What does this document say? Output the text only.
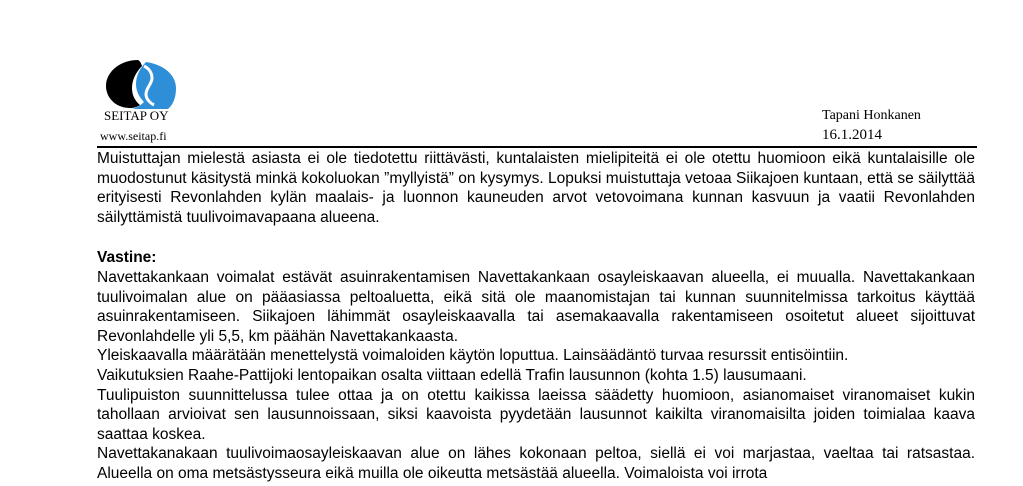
SEITAP OY
www.seitap.fi
Tapani Honkanen
16.1.2014

Muistuttajan mielestä asiasta ei ole tiedotettu riittävästi, kuntalaisten mielipiteitä ei ole otettu huomioon eikä kuntalaisille ole muodostunut käsitystä minkä kokoluokan ”myllyistä” on kysymys. Lopuksi muistuttaja vetoaa Siikajoen kuntaan, että se säilyttää erityisesti Revonlahden kylän maalais- ja luonnon kauneuden arvot vetovoimana kunnan kasvuun ja vaatii Revonlahden säilyttämistä tuulivoimavapaana alueena.

Vastine:

Navettakankaan voimalat estävät asuinrakentamisen Navettakankaan osayleiskaavan alueella, ei muualla. Navettakankaan tuulivoimalan alue on pääasiassa peltoaluetta, eikä sitä ole maanomistajan tai kunnan suunnitelmissa tarkoitus käyttää asuinrakentamiseen. Siikajoen lähimmät osayleiskaavalla tai asemakaavalla rakentamiseen osoitetut alueet sijoittuvat Revonlahdelle yli 5,5, km päähän Navettakankaasta.

Yleiskaavalla määrätään menettelystä voimaloiden käytön loputtua. Lainsäädäntö turvaa resurssit entisöintiin.

Vaikutuksien Raahe-Pattijoki lentopaikan osalta viittaan edellä Trafin lausunnon (kohta 1.5) lausumaani.

Tuulipuiston suunnittelussa tulee ottaa ja on otettu kaikissa laeissa säädetty huomioon, asianomaiset viranomaiset kukin tahollaan arvioivat sen lausunnoissaan, siksi kaavoista pyydetään lausunnot kaikilta viranomaisilta joiden toimialaa kaava saattaa koskea.

Navettakanakaan tuulivoimaosayleiskaavan alue on lähes kokonaan peltoa, siellä ei voi marjastaa, vaeltaa tai ratsastaa. Alueella on oma metsästysseura eikä muilla ole oikeutta metsästää alueella. Voimaloista voi irrota
